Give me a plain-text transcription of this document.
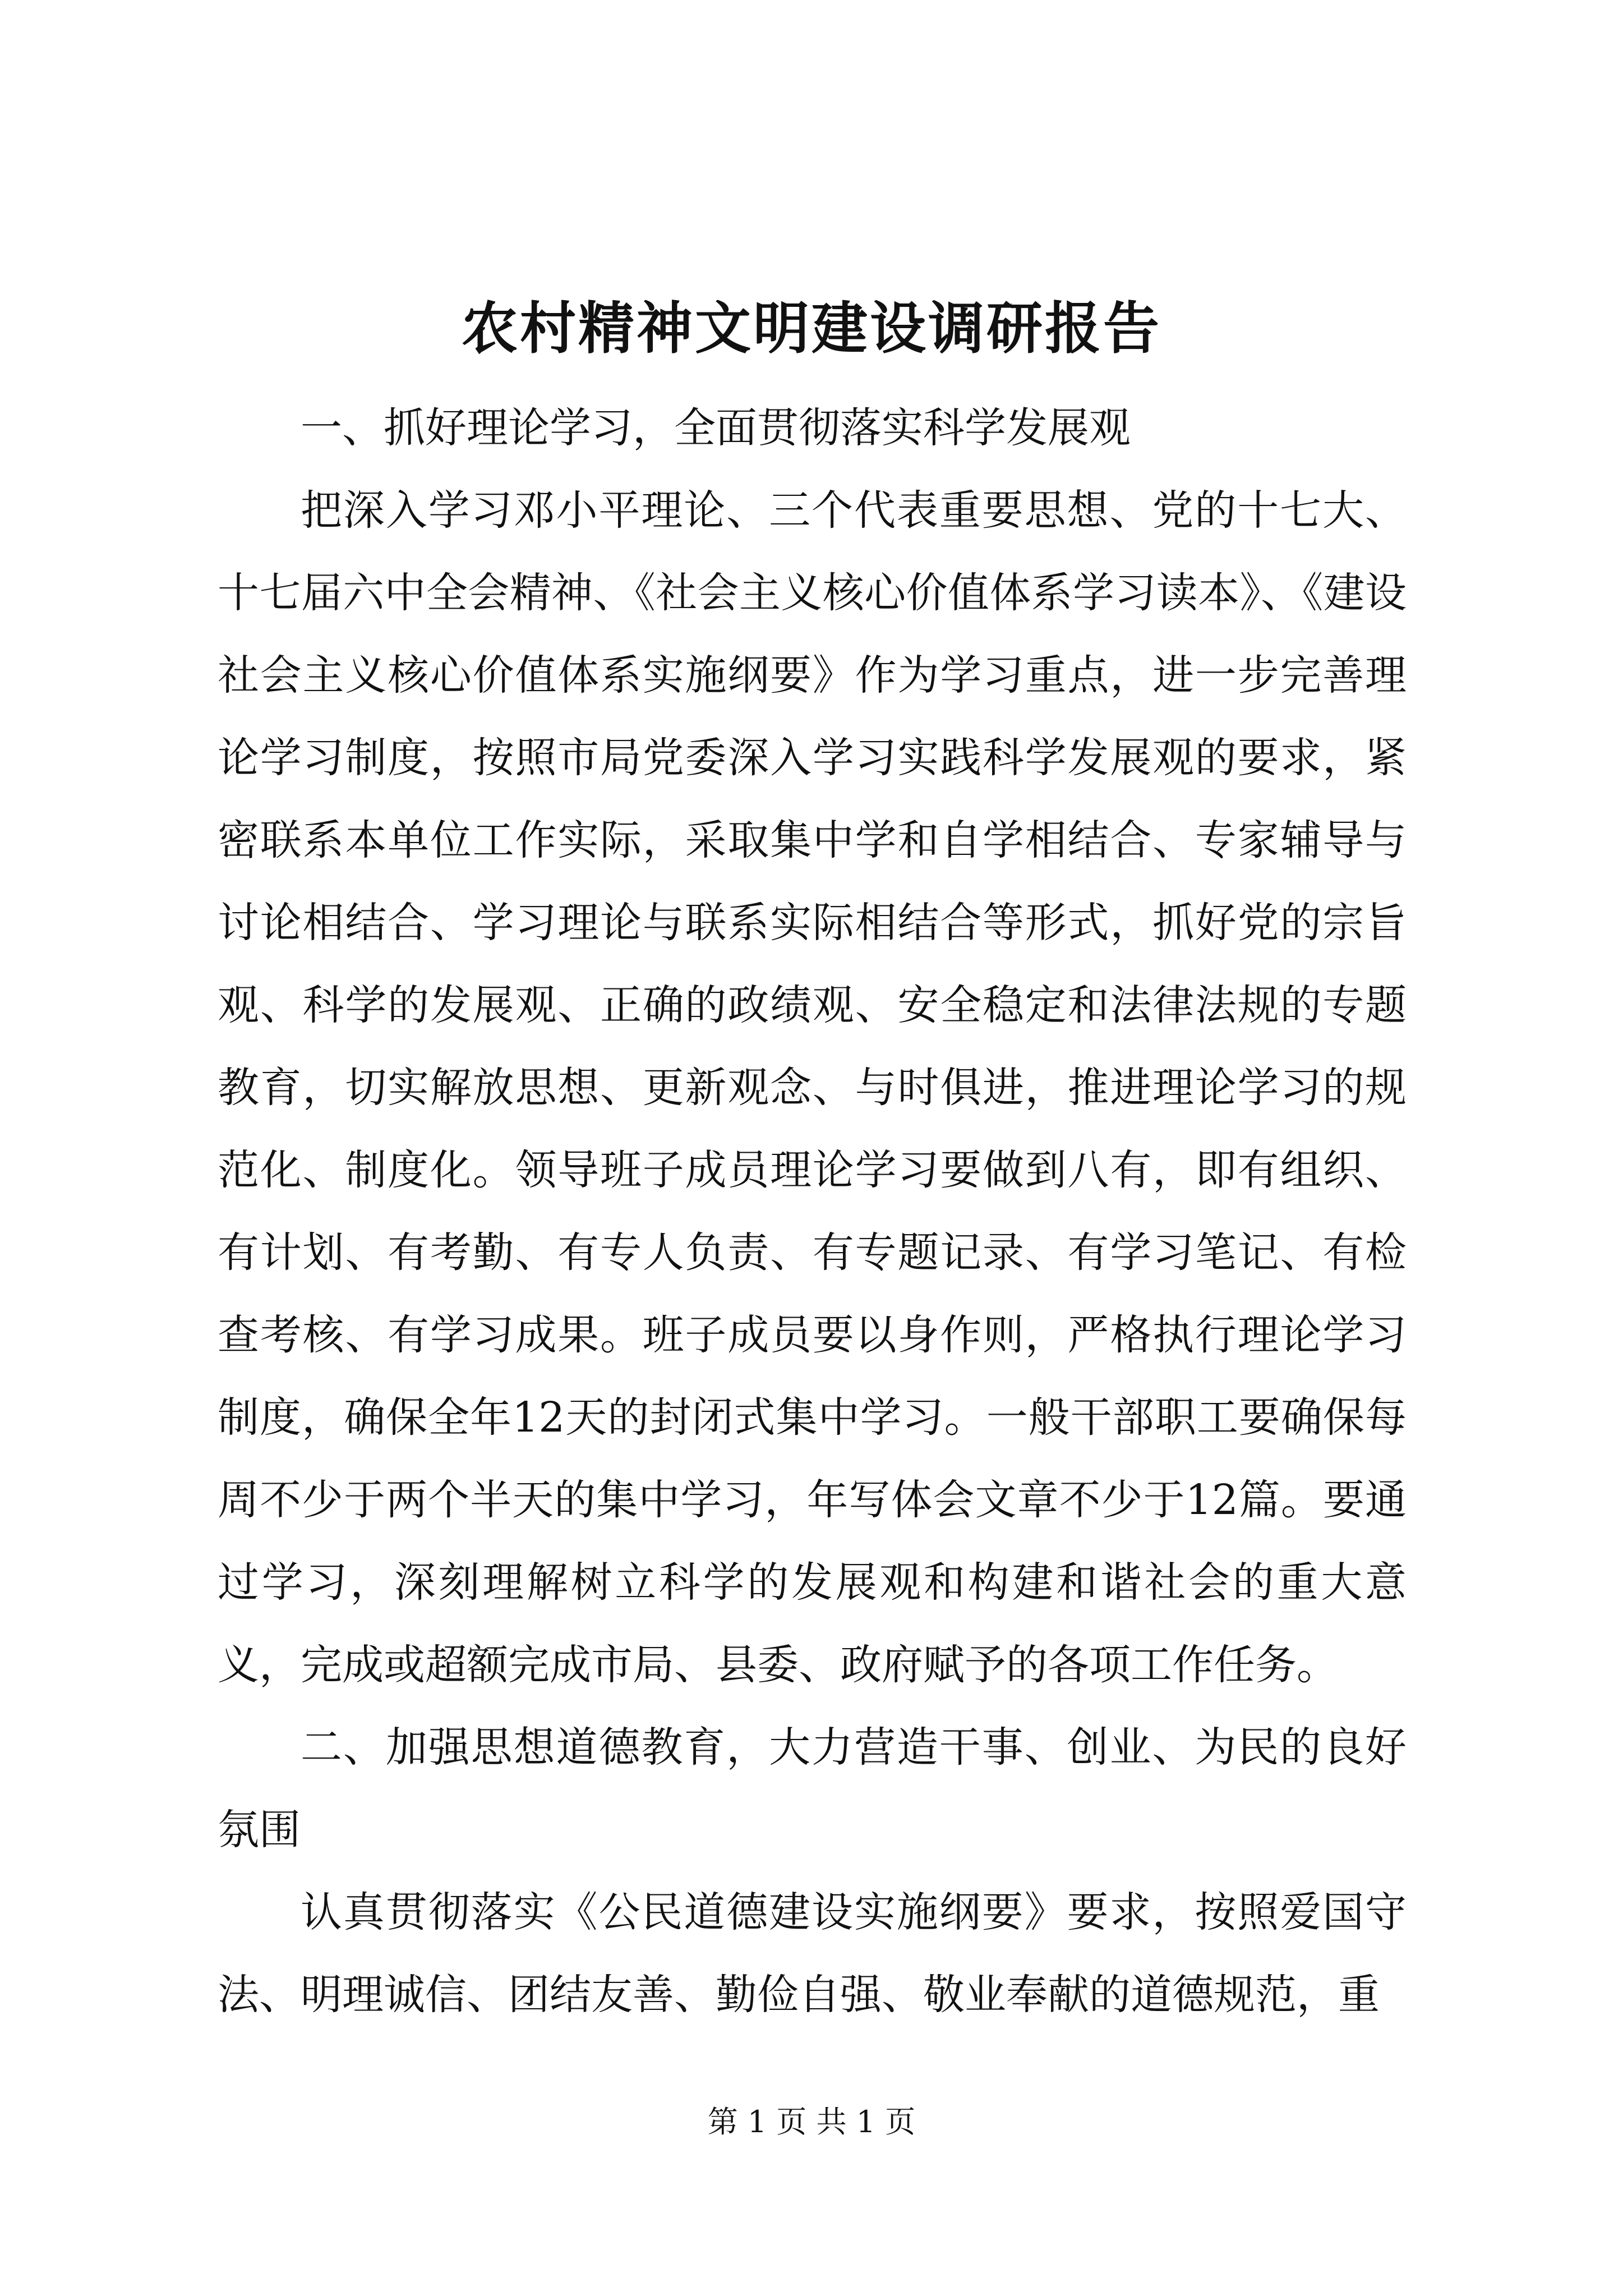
农村精神文明建设调研报告

一、抓好理论学习，全面贯彻落实科学发展观

把深入学习邓小平理论、三个代表重要思想、党的十七大、十七届六中全会精神、《社会主义核心价值体系学习读本》、《建设社会主义核心价值体系实施纲要》作为学习重点，进一步完善理论学习制度，按照市局党委深入学习实践科学发展观的要求，紧密联系本单位工作实际，采取集中学和自学相结合、专家辅导与讨论相结合、学习理论与联系实际相结合等形式，抓好党的宗旨观、科学的发展观、正确的政绩观、安全稳定和法律法规的专题教育，切实解放思想、更新观念、与时俱进，推进理论学习的规范化、制度化。领导班子成员理论学习要做到八有，即有组织、有计划、有考勤、有专人负责、有专题记录、有学习笔记、有检查考核、有学习成果。班子成员要以身作则，严格执行理论学习制度，确保全年12天的封闭式集中学习。一般干部职工要确保每周不少于两个半天的集中学习，年写体会文章不少于12篇。要通过学习，深刻理解树立科学的发展观和构建和谐社会的重大意义，完成或超额完成市局、县委、政府赋予的各项工作任务。

二、加强思想道德教育，大力营造干事、创业、为民的良好氛围

认真贯彻落实《公民道德建设实施纲要》要求，按照爱国守法、明理诚信、团结友善、勤俭自强、敬业奉献的道德规范，重

第 1 页 共 1 页
